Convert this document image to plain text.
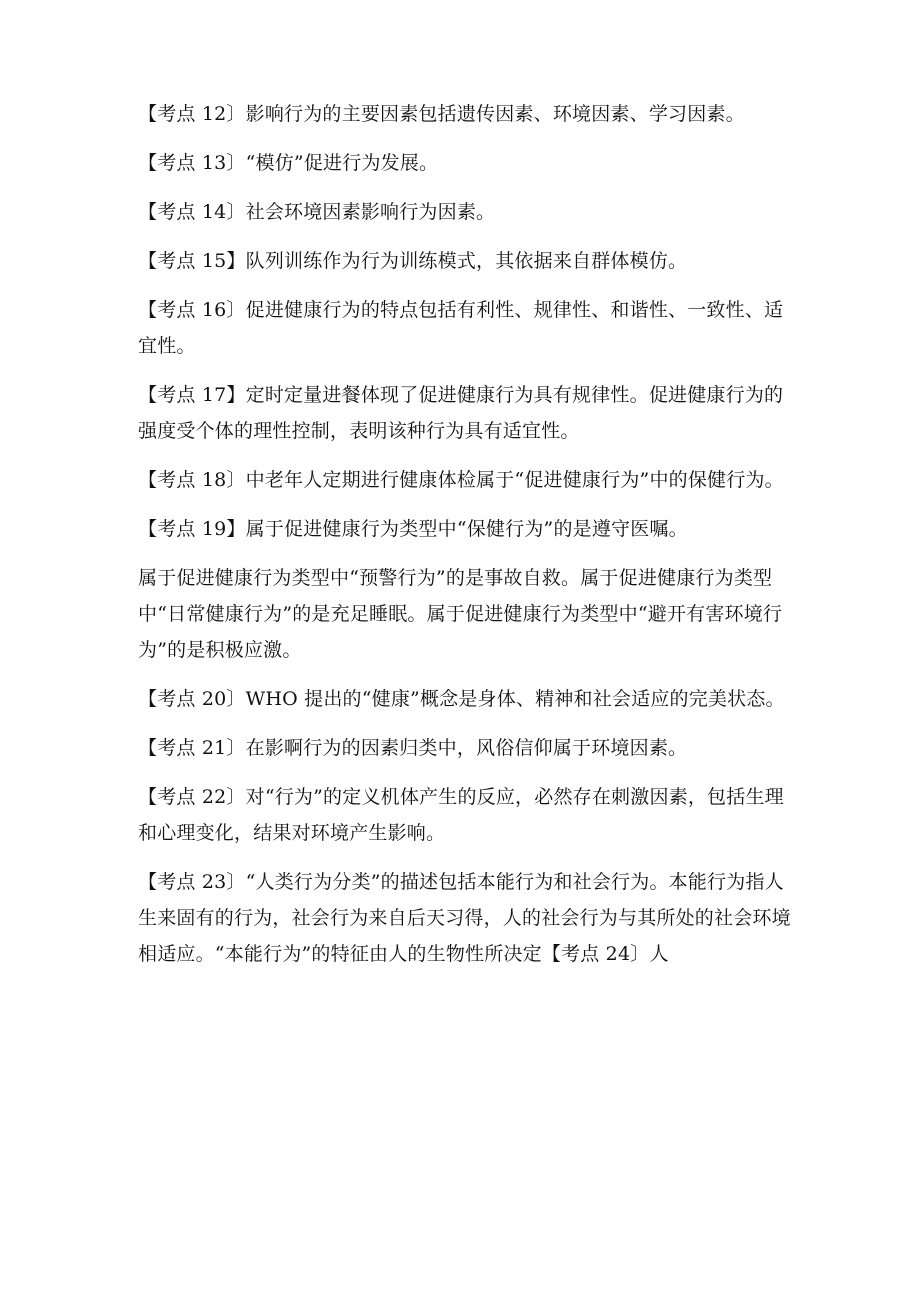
【考点 12〕影响行为的主要因素包括遗传因素、环境因素、学习因素。

【考点 13〕“模仿”促进行为发展。

【考点 14〕社会环境因素影响行为因素。

【考点 15】队列训练作为行为训练模式，其依据来自群体模仿。

【考点 16〕促进健康行为的特点包括有利性、规律性、和谐性、一致性、适宜性。

【考点 17】定时定量进餐体现了促进健康行为具有规律性。促进健康行为的强度受个体的理性控制，表明该种行为具有适宜性。

【考点 18〕中老年人定期进行健康体检属于“促进健康行为”中的保健行为。

【考点 19】属于促进健康行为类型中“保健行为”的是遵守医嘱。

属于促进健康行为类型中“预警行为”的是事故自救。属于促进健康行为类型中“日常健康行为”的是充足睡眠。属于促进健康行为类型中“避开有害环境行为”的是积极应激。

【考点 20〕WHO 提出的“健康”概念是身体、精神和社会适应的完美状态。

【考点 21〕在影啊行为的因素归类中，风俗信仰属于环境因素。

【考点 22〕对“行为”的定义机体产生的反应，必然存在刺激因素，包括生理和心理变化，结果对环境产生影响。

【考点 23〕“人类行为分类”的描述包括本能行为和社会行为。本能行为指人生来固有的行为，社会行为来自后天习得，人的社会行为与其所处的社会环境相适应。“本能行为”的特征由人的生物性所决定【考点 24〕人
